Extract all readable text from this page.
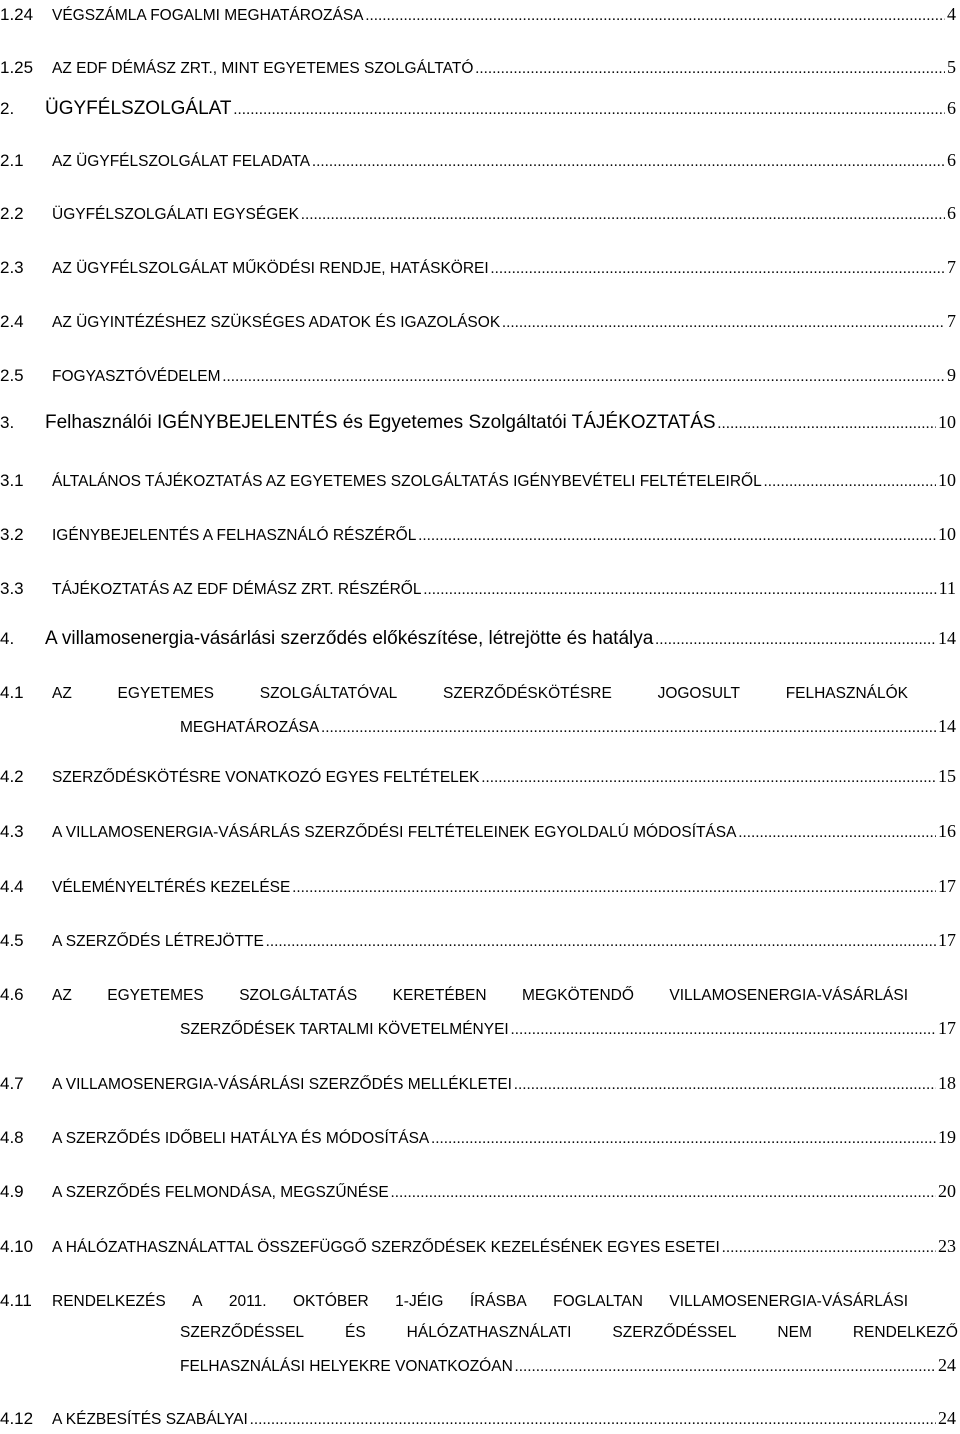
1.24	VÉGSZÁMLA FOGALMI MEGHATÁROZÁSA .....	4
1.25	AZ EDF DÉMÁSZ ZRT., MINT EGYETEMES SZOLGÁLTATÓ .....	5
2.	ÜGYFÉLSZOLGÁLAT .....	6
2.1	AZ ÜGYFÉLSZOLGÁLAT FELADATA .....	6
2.2	ÜGYFÉLSZOLGÁLATI EGYSÉGEK .....	6
2.3	AZ ÜGYFÉLSZOLGÁLAT MŰKÖDÉSI RENDJE, HATÁSKÖREI .....	7
2.4	AZ ÜGYINTÉZÉSHEZ SZÜKSÉGES ADATOK ÉS IGAZOLÁSOK .....	7
2.5	FOGYASZTÓVÉDELEM .....	9
3.	Felhasználói IGÉNYBEJELENTÉS és Egyetemes Szolgáltatói TÁJÉKOZTATÁS .....	10
3.1	ÁLTALÁNOS TÁJÉKOZTATÁS AZ EGYETEMES SZOLGÁLTATÁS IGÉNYBEVÉTELI FELTÉTELEIRŐL .....	10
3.2	IGÉNYBEJELENTÉS A FELHASZNÁLÓ RÉSZÉRŐL .....	10
3.3	TÁJÉKOZTATÁS AZ EDF DÉMÁSZ ZRT. RÉSZÉRŐL .....	11
4.	A villamosenergia-vásárlási szerződés előkészítése, létrejötte és hatálya .....	14
4.1	AZ	EGYETEMES	SZOLGÁLTATÓVAL	SZERZŐDÉSKÖTÉSRE	JOGOSULT	FELHASZNÁLÓK
MEGHATÁROZÁSA .....	14
4.2	SZERZŐDÉSKÖTÉSRE VONATKOZÓ EGYES FELTÉTELEK .....	15
4.3	A VILLAMOSENERGIA-VÁSÁRLÁS SZERZŐDÉSI FELTÉTELEINEK EGYOLDALÚ MÓDOSÍTÁSA .....	16
4.4	VÉLEMÉNYELTÉRÉS KEZELÉSE .....	17
4.5	A SZERZŐDÉS LÉTREJÖTTE .....	17
4.6	AZ EGYETEMES SZOLGÁLTATÁS KERETÉBEN MEGKÖTENDŐ VILLAMOSENERGIA-VÁSÁRLÁSI
SZERZŐDÉSEK TARTALMI KÖVETELMÉNYEI .....	17
4.7	A VILLAMOSENERGIA-VÁSÁRLÁSI SZERZŐDÉS MELLÉKLETEI .....	18
4.8	A SZERZŐDÉS IDŐBELI HATÁLYA ÉS MÓDOSÍTÁSA .....	19
4.9	A SZERZŐDÉS FELMONDÁSA, MEGSZŰNÉSE .....	20
4.10	A HÁLÓZATHASZNÁLATTAL ÖSSZEFÜGGŐ SZERZŐDÉSEK KEZELÉSÉNEK EGYES ESETEI .....	23
4.11	RENDELKEZÉS A 2011. OKTÓBER 1-JÉIG ÍRÁSBA FOGLALTAN VILLAMOSENERGIA-VÁSÁRLÁSI
SZERZŐDÉSSEL	ÉS	HÁLÓZATHASZNÁLATI	SZERZŐDÉSSEL	NEM	RENDELKEZŐ
FELHASZNÁLÁSI HELYEKRE VONATKOZÓAN .....	24
4.12	A KÉZBESÍTÉS SZABÁLYAI .....	24
